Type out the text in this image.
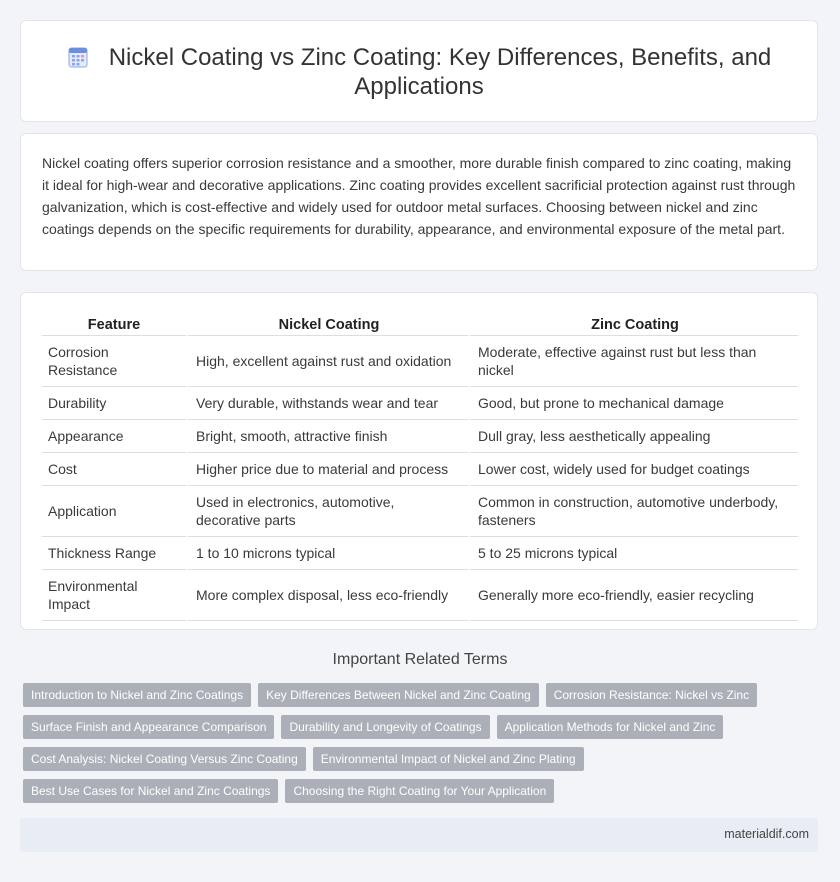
Nickel Coating vs Zinc Coating: Key Differences, Benefits, and Applications

Nickel coating offers superior corrosion resistance and a smoother, more durable finish compared to zinc coating, making it ideal for high-wear and decorative applications. Zinc coating provides excellent sacrificial protection against rust through galvanization, which is cost-effective and widely used for outdoor metal surfaces. Choosing between nickel and zinc coatings depends on the specific requirements for durability, appearance, and environmental exposure of the metal part.

Feature	Nickel Coating	Zinc Coating
Corrosion Resistance	High, excellent against rust and oxidation	Moderate, effective against rust but less than nickel
Durability	Very durable, withstands wear and tear	Good, but prone to mechanical damage
Appearance	Bright, smooth, attractive finish	Dull gray, less aesthetically appealing
Cost	Higher price due to material and process	Lower cost, widely used for budget coatings
Application	Used in electronics, automotive, decorative parts	Common in construction, automotive underbody, fasteners
Thickness Range	1 to 10 microns typical	5 to 25 microns typical
Environmental Impact	More complex disposal, less eco-friendly	Generally more eco-friendly, easier recycling
Important Related Terms
Introduction to Nickel and Zinc Coatings	Key Differences Between Nickel and Zinc Coating	Corrosion Resistance: Nickel vs Zinc
Surface Finish and Appearance Comparison	Durability and Longevity of Coatings	Application Methods for Nickel and Zinc
Cost Analysis: Nickel Coating Versus Zinc Coating	Environmental Impact of Nickel and Zinc Plating
Best Use Cases for Nickel and Zinc Coatings	Choosing the Right Coating for Your Application
materialdif.com
